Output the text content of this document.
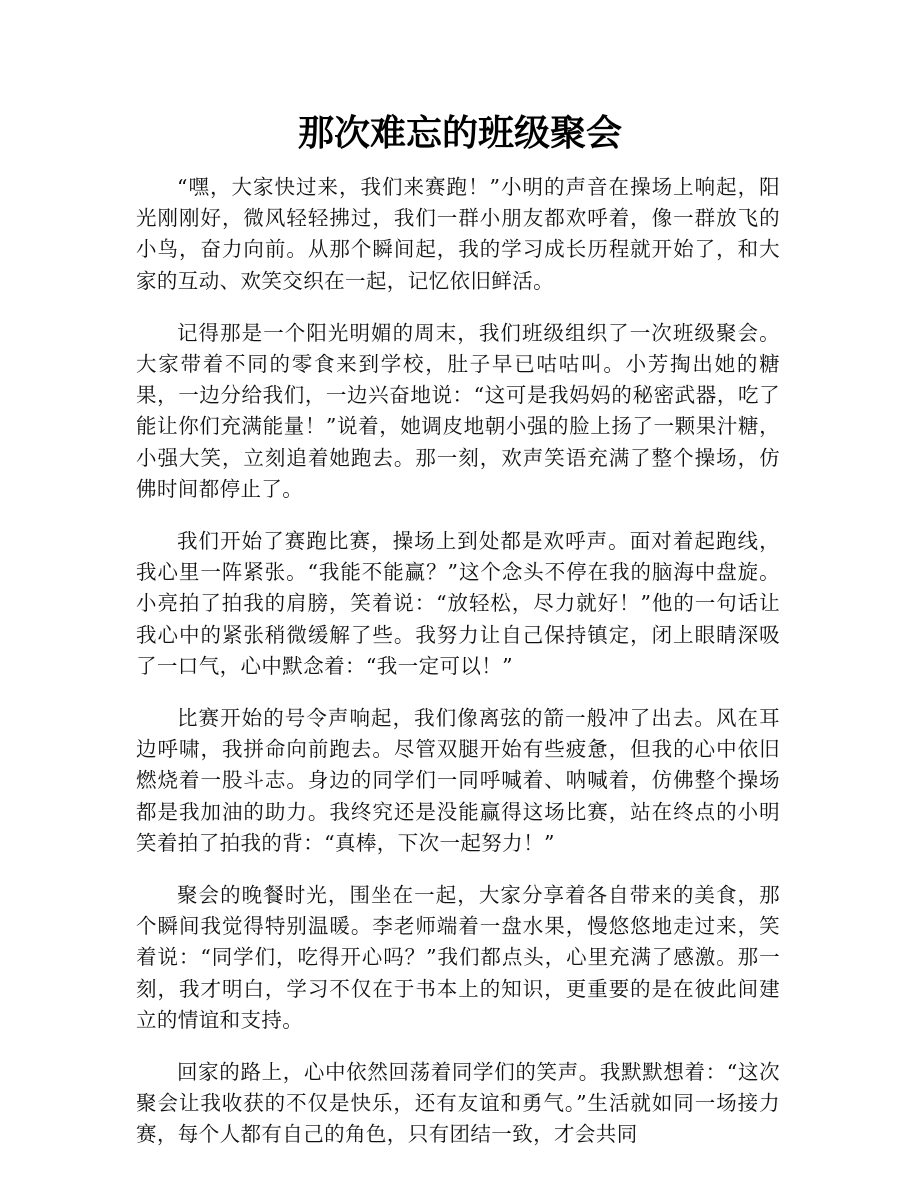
那次难忘的班级聚会

“嘿，大家快过来，我们来赛跑！”小明的声音在操场上响起，阳光刚刚好，微风轻轻拂过，我们一群小朋友都欢呼着，像一群放飞的小鸟，奋力向前。从那个瞬间起，我的学习成长历程就开始了，和大家的互动、欢笑交织在一起，记忆依旧鲜活。

记得那是一个阳光明媚的周末，我们班级组织了一次班级聚会。大家带着不同的零食来到学校，肚子早已咕咕叫。小芳掏出她的糖果，一边分给我们，一边兴奋地说：“这可是我妈妈的秘密武器，吃了能让你们充满能量！”说着，她调皮地朝小强的脸上扬了一颗果汁糖，小强大笑，立刻追着她跑去。那一刻，欢声笑语充满了整个操场，仿佛时间都停止了。

我们开始了赛跑比赛，操场上到处都是欢呼声。面对着起跑线，我心里一阵紧张。“我能不能赢？”这个念头不停在我的脑海中盘旋。小亮拍了拍我的肩膀，笑着说：“放轻松，尽力就好！”他的一句话让我心中的紧张稍微缓解了些。我努力让自己保持镇定，闭上眼睛深吸了一口气，心中默念着：“我一定可以！”

比赛开始的号令声响起，我们像离弦的箭一般冲了出去。风在耳边呼啸，我拼命向前跑去。尽管双腿开始有些疲惫，但我的心中依旧燃烧着一股斗志。身边的同学们一同呼喊着、呐喊着，仿佛整个操场都是我加油的助力。我终究还是没能赢得这场比赛，站在终点的小明笑着拍了拍我的背：“真棒，下次一起努力！”

聚会的晚餐时光，围坐在一起，大家分享着各自带来的美食，那个瞬间我觉得特别温暖。李老师端着一盘水果，慢悠悠地走过来，笑着说：“同学们，吃得开心吗？”我们都点头，心里充满了感激。那一刻，我才明白，学习不仅在于书本上的知识，更重要的是在彼此间建立的情谊和支持。

回家的路上，心中依然回荡着同学们的笑声。我默默想着：“这次聚会让我收获的不仅是快乐，还有友谊和勇气。”生活就如同一场接力赛，每个人都有自己的角色，只有团结一致，才会共同
